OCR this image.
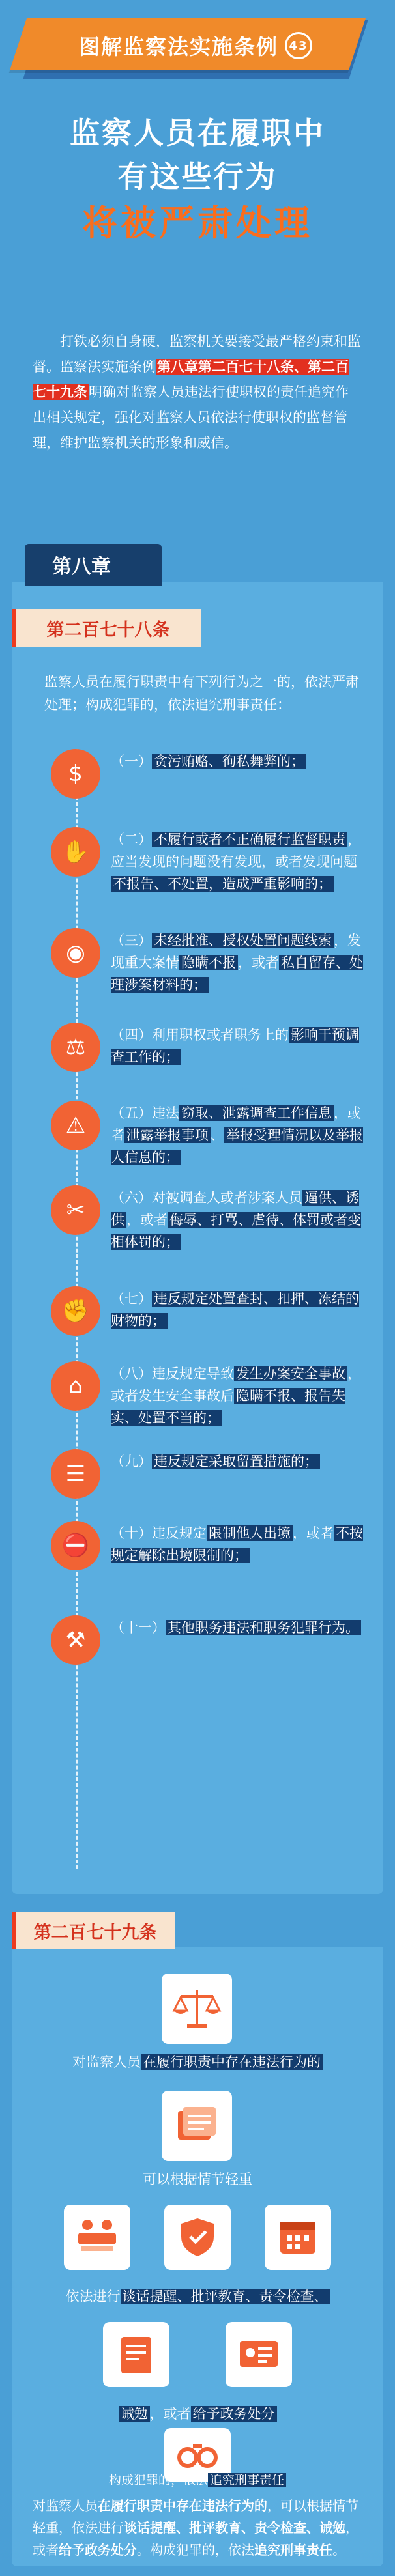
图解监察法实施条例 43
监察人员在履职中
有这些行为
将被严肃处理
打铁必须自身硬，监察机关要接受最严格约束和监督。监察法实施条例第八章第二百七十八条、第二百七十九条明确对监察人员违法行使职权的责任追究作出相关规定，强化对监察人员依法行使职权的监督管理，维护监察机关的形象和威信。
第八章
第二百七十八条
监察人员在履行职责中有下列行为之一的，依法严肃处理；构成犯罪的，依法追究刑事责任：
$ （一） 贪污贿赂、徇私舞弊的；
✋ （二） 不履行或者不正确履行监督职责 ，应当发现的问题没有发现，或者发现问题不报告、不处置，造成严重影响的；
◉ （三） 未经批准、授权处置问题线索 ，发现重大案情 隐瞒不报 ，或者 私自留存、处理涉案材料的；
⚖ （四）利用职权或者职务上的 影响干预调查工作的；
⚠ （五）违法 窃取、泄露调查工作信息 ，或者 泄露举报事项 、 举报受理情况以及举报人信息的；
✂ （六）对被调查人或者涉案人员 逼供、诱供 ，或者 侮辱、打骂、虐待、体罚或者变相体罚的；
✊ （七） 违反规定处置查封、扣押、冻结的财物的；
⌂ （八）违反规定导致 发生办案安全事故 ，或者发生安全事故后 隐瞒不报、报告失实、处置不当的；
☰ （九） 违反规定采取留置措施的；
⛔ （十）违反规定 限制他人出境 ，或者 不按规定解除出境限制的；
⚒ （十一） 其他职务违法和职务犯罪行为。
第二百七十九条
对监察人员 在履行职责中存在违法行为的
可以根据情节轻重
依法进行 谈话提醒、批评教育、责令检查、
诫勉 ，或者 给予政务处分
构成犯罪的，依法 追究刑事责任
对监察人员在履行职责中存在违法行为的，可以根据情节轻重，依法进行谈话提醒、批评教育、责令检查、诫勉，或者给予政务处分。构成犯罪的，依法追究刑事责任。
